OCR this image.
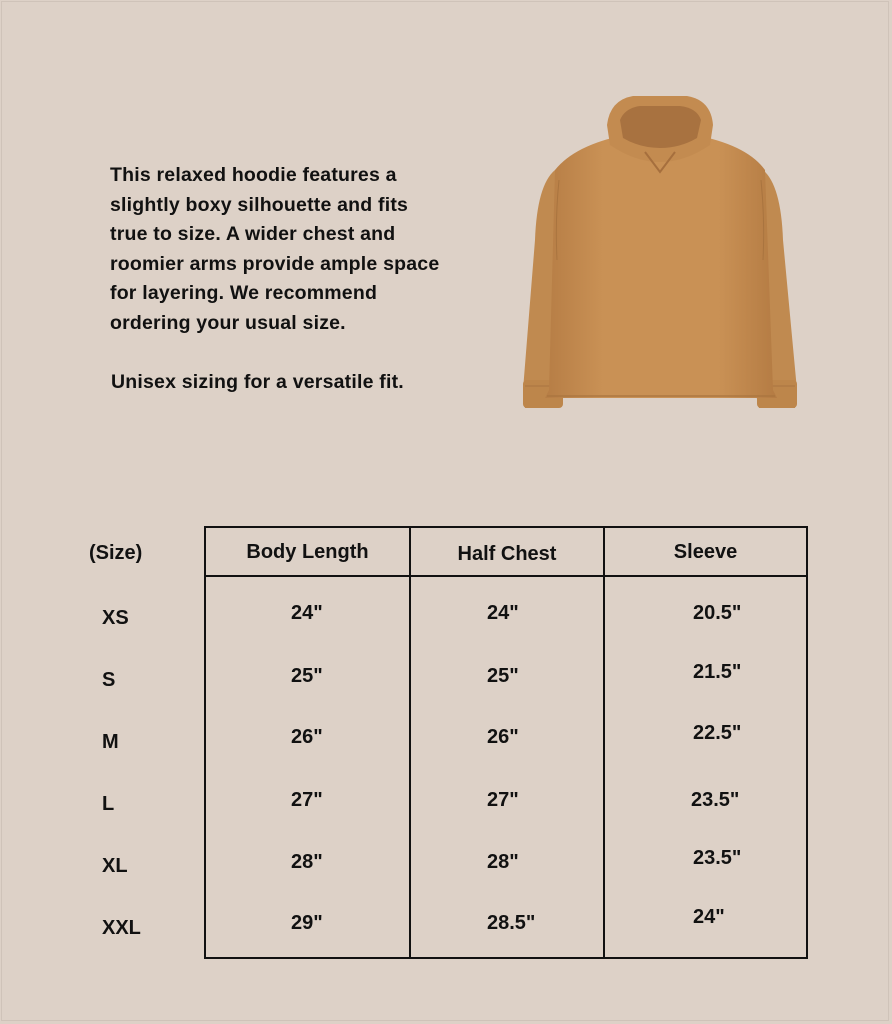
This relaxed hoodie features a
slightly boxy silhouette and fits
true to size. A wider chest and
roomier arms provide ample space
for layering. We recommend
ordering your usual size.

Unisex sizing for a versatile fit.

(Size)
XS
S
M
L
XL
XXL
Body Length	Half Chest	Sleeve
24"
25"
26"
27"
28"
29"
24"
25"
26"
27"
28"
28.5"
20.5"
21.5"
22.5"
23.5"
23.5"
24"
